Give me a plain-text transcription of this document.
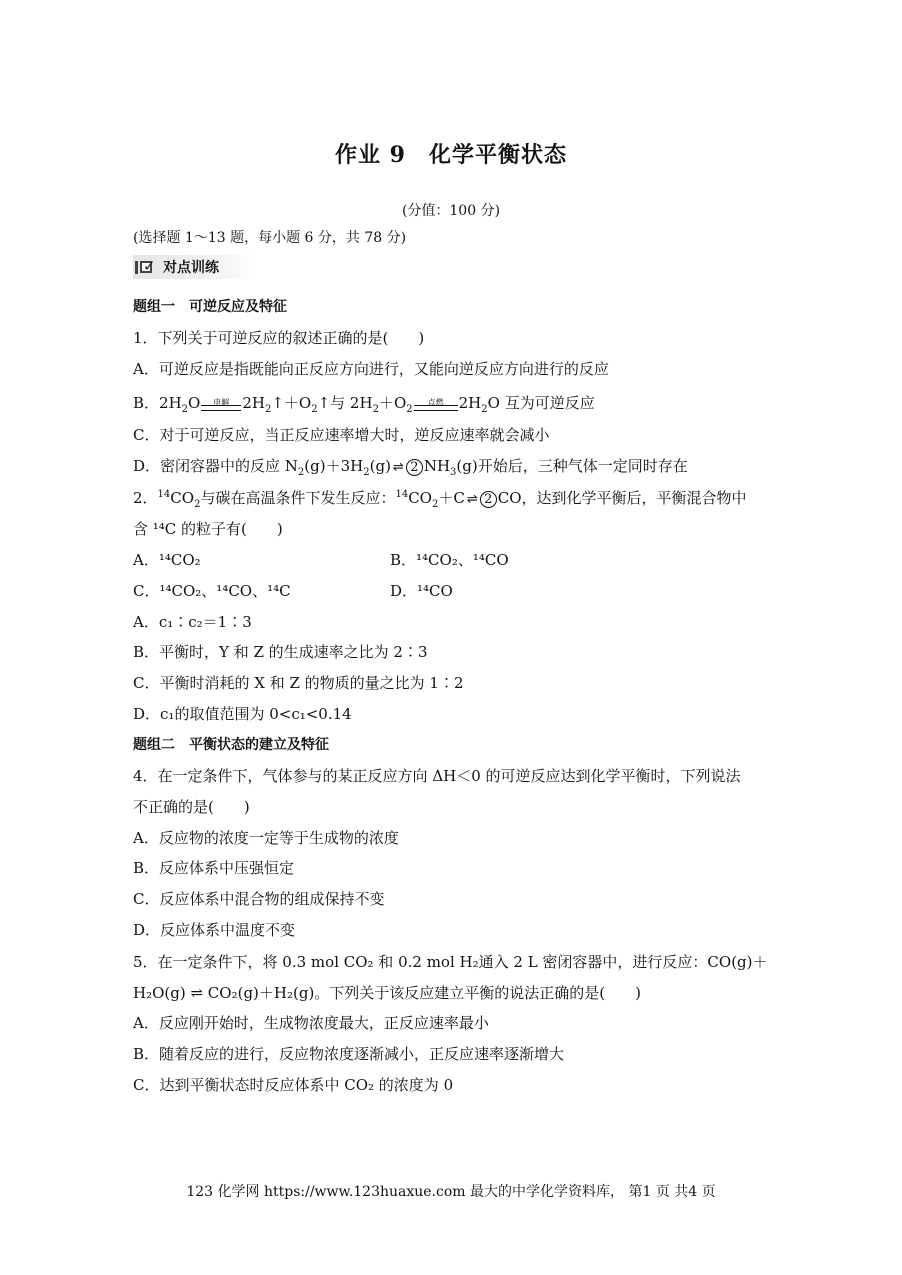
作业 9　化学平衡状态
(分值：100 分)
(选择题 1～13 题，每小题 6 分，共 78 分)
✓ 对点训练
题组一　可逆反应及特征
1．下列关于可逆反应的叙述正确的是(　　)
A．可逆反应是指既能向正反应方向进行，又能向逆反应方向进行的反应
B．$2H_2O$	电解 $2H_2↑+O_2↑$与 $2H_2+O_2$
点燃	$2H_2O$ 互为可逆反应
C．对于可逆反应，当正反应速率增大时，逆反应速率就会减小
D．密闭容器中的反应 $N_2(g)+3H_2(g)$ ⇌ 2 $NH_3(g)$开始后，三种气体一定同时存在
2．$^{14}CO_2$与碳在高温条件下发生反应：$^{14}CO_2+C$ ⇌ 2 CO，达到化学平衡后，平衡混合物中
含 ¹⁴C 的粒子有(　　)
A．¹⁴CO₂	B．¹⁴CO₂、¹⁴CO
C．¹⁴CO₂、¹⁴CO、¹⁴C	D．¹⁴CO
A．c₁∶c₂＝1∶3
B．平衡时，Y 和 Z 的生成速率之比为 2∶3
C．平衡时消耗的 X 和 Z 的物质的量之比为 1∶2
D．c₁的取值范围为 0<c₁<0.14
题组二　平衡状态的建立及特征
4．在一定条件下，气体参与的某正反应方向 ΔH＜0 的可逆反应达到化学平衡时，下列说法
不正确的是(　　)
A．反应物的浓度一定等于生成物的浓度
B．反应体系中压强恒定
C．反应体系中混合物的组成保持不变
D．反应体系中温度不变
5．在一定条件下，将 0.3 mol CO₂ 和 0.2 mol H₂通入 2 L 密闭容器中，进行反应：CO(g)＋
H₂O(g) ⇌ CO₂(g)＋H₂(g)。下列关于该反应建立平衡的说法正确的是(　　)
A．反应刚开始时，生成物浓度最大，正反应速率最小
B．随着反应的进行，反应物浓度逐渐减小，正反应速率逐渐增大
C．达到平衡状态时反应体系中 CO₂ 的浓度为 0
123 化学网 https://www.123huaxue.com 最大的中学化学资料库， 第1 页 共4 页
